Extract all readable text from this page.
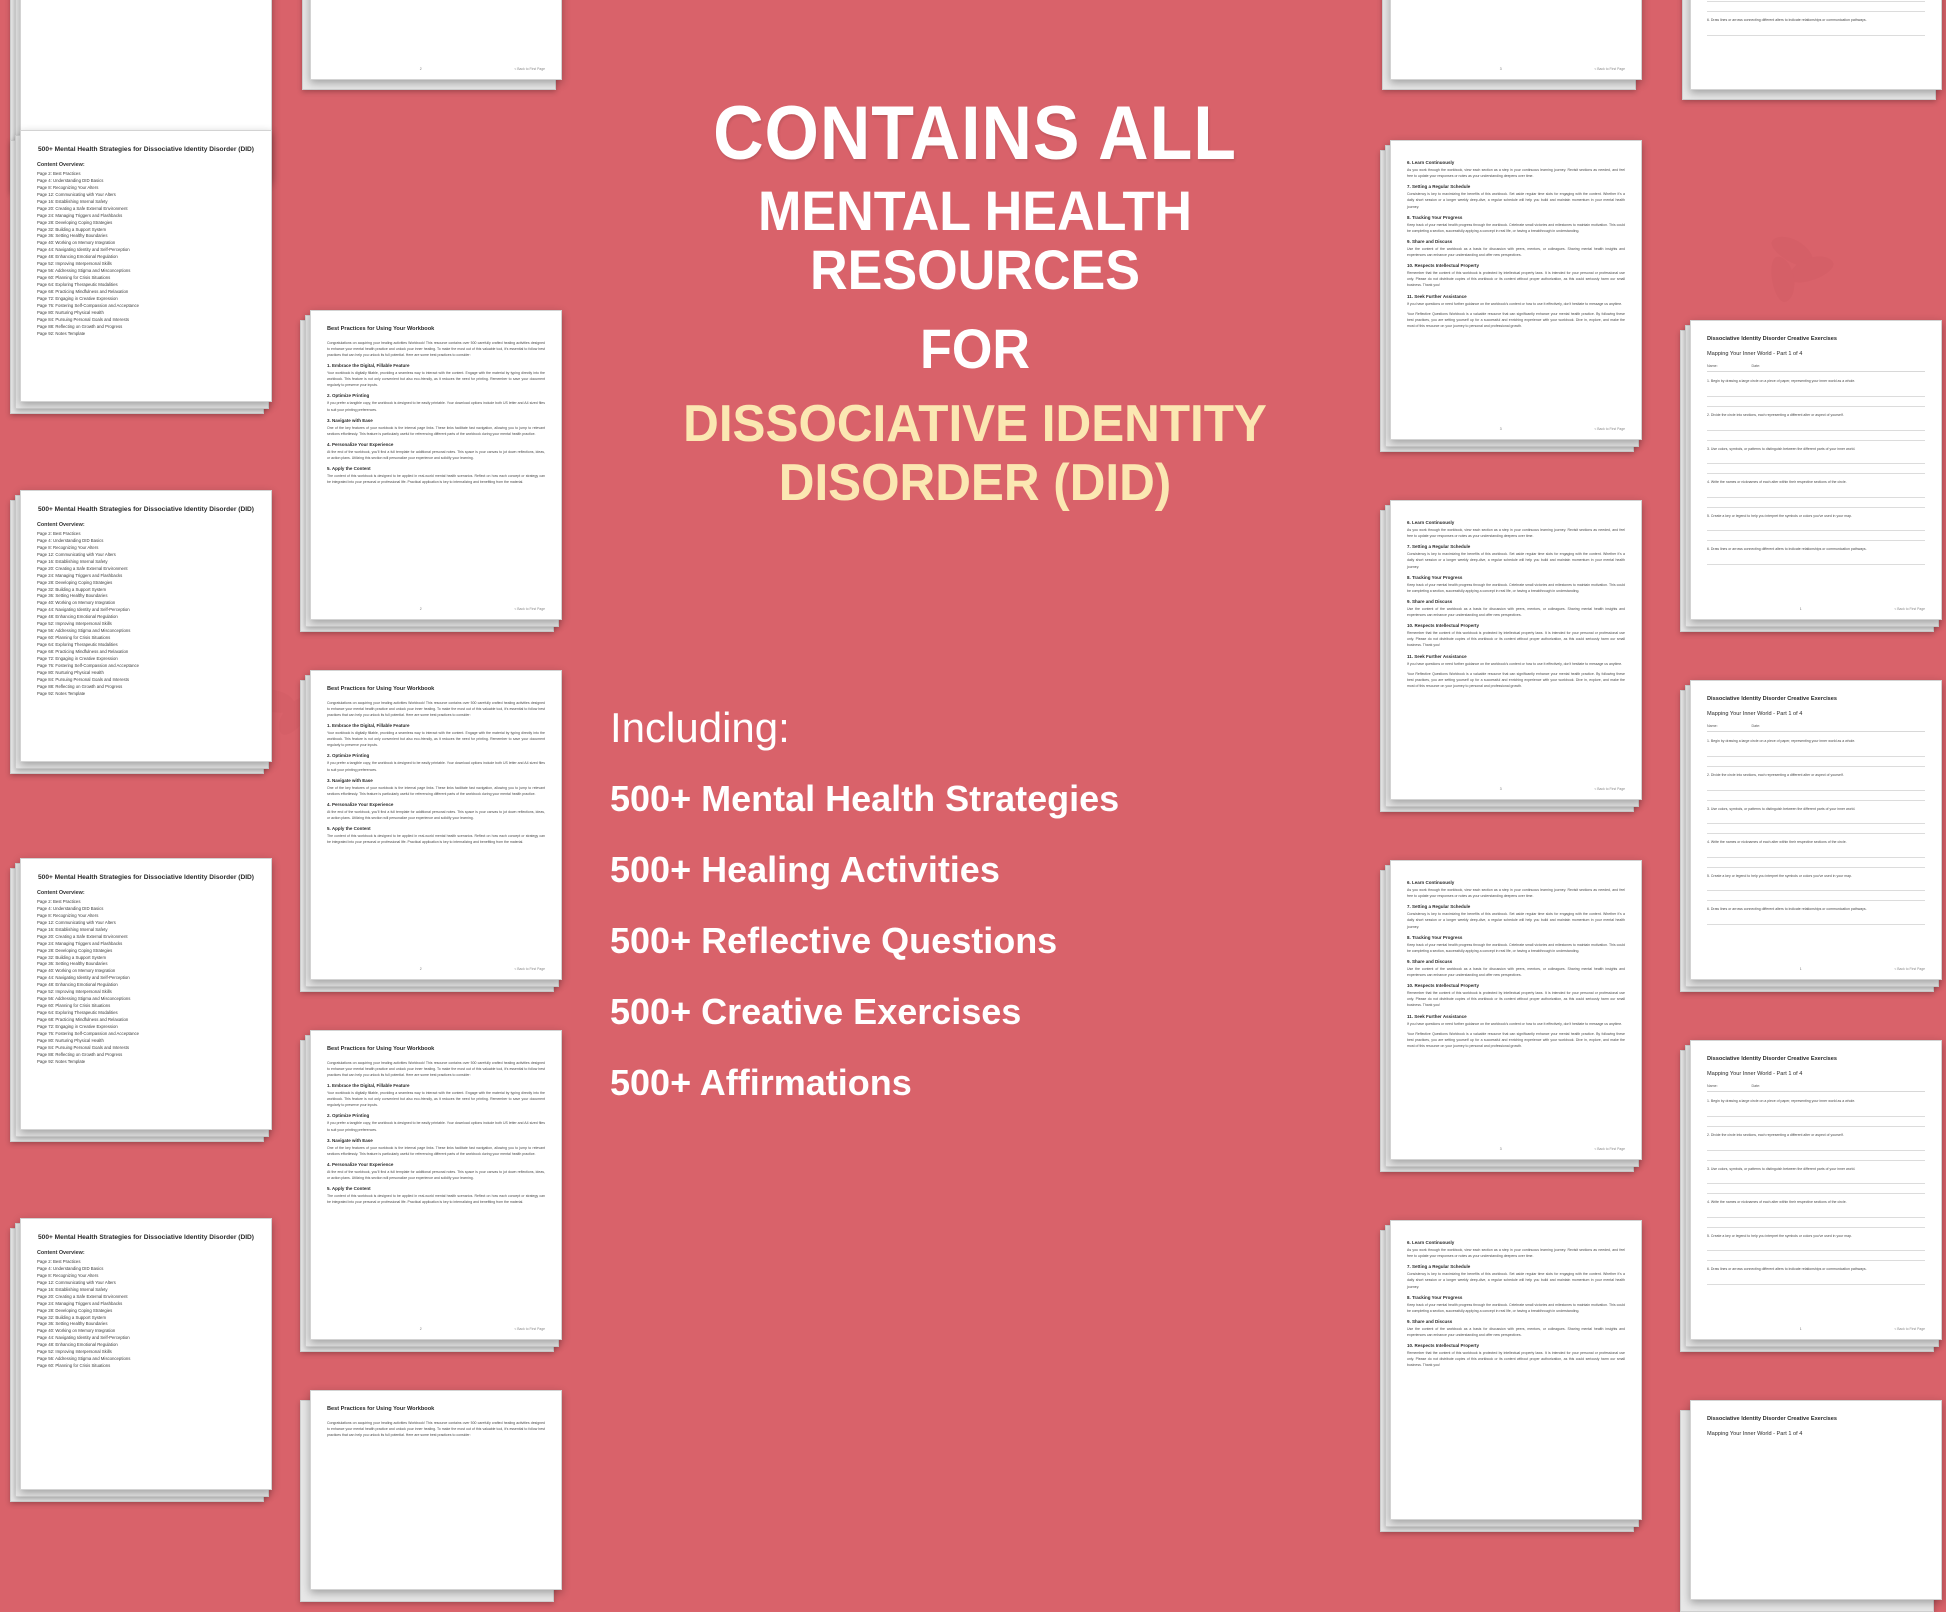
500+ Mental Health Strategies for Dissociative Identity Disorder (DID)
Content Overview:
Page 2: Best Practices
Page 4: Understanding DID Basics
Page 8: Recognizing Your Alters
Page 12: Communicating with Your Alters
Page 16: Establishing Internal Safety
Page 20: Creating a Safe External Environment
Page 24: Managing Triggers and Flashbacks
Page 28: Developing Coping Strategies
Page 32: Building a Support System
Page 36: Setting Healthy Boundaries
Page 40: Working on Memory Integration
Page 44: Navigating Identity and Self-Perception
Page 48: Enhancing Emotional Regulation
Page 52: Improving Interpersonal Skills
Page 56: Addressing Stigma and Misconceptions
Page 60: Planning for Crisis Situations
Page 64: Exploring Therapeutic Modalities
Page 68: Practicing Mindfulness and Relaxation
Page 72: Engaging in Creative Expression
Page 76: Fostering Self-Compassion and Acceptance
Page 80: Nurturing Physical Health
Page 84: Pursuing Personal Goals and Interests
Page 88: Reflecting on Growth and Progress
Page 92: Notes Template
500+ Mental Health Strategies for Dissociative Identity Disorder (DID)
Content Overview:
Page 2: Best Practices
Page 4: Understanding DID Basics
Page 8: Recognizing Your Alters
Page 12: Communicating with Your Alters
Page 16: Establishing Internal Safety
Page 20: Creating a Safe External Environment
Page 24: Managing Triggers and Flashbacks
Page 28: Developing Coping Strategies
Page 32: Building a Support System
Page 36: Setting Healthy Boundaries
Page 40: Working on Memory Integration
Page 44: Navigating Identity and Self-Perception
Page 48: Enhancing Emotional Regulation
Page 52: Improving Interpersonal Skills
Page 56: Addressing Stigma and Misconceptions
Page 60: Planning for Crisis Situations
Page 64: Exploring Therapeutic Modalities
Page 68: Practicing Mindfulness and Relaxation
Page 72: Engaging in Creative Expression
Page 76: Fostering Self-Compassion and Acceptance
Page 80: Nurturing Physical Health
Page 84: Pursuing Personal Goals and Interests
Page 88: Reflecting on Growth and Progress
Page 92: Notes Template
500+ Mental Health Strategies for Dissociative Identity Disorder (DID)
Content Overview:
Page 2: Best Practices
Page 4: Understanding DID Basics
Page 8: Recognizing Your Alters
Page 12: Communicating with Your Alters
Page 16: Establishing Internal Safety
Page 20: Creating a Safe External Environment
Page 24: Managing Triggers and Flashbacks
Page 28: Developing Coping Strategies
Page 32: Building a Support System
Page 36: Setting Healthy Boundaries
Page 40: Working on Memory Integration
Page 44: Navigating Identity and Self-Perception
Page 48: Enhancing Emotional Regulation
Page 52: Improving Interpersonal Skills
Page 56: Addressing Stigma and Misconceptions
Page 60: Planning for Crisis Situations
Page 64: Exploring Therapeutic Modalities
Page 68: Practicing Mindfulness and Relaxation
Page 72: Engaging in Creative Expression
Page 76: Fostering Self-Compassion and Acceptance
Page 80: Nurturing Physical Health
Page 84: Pursuing Personal Goals and Interests
Page 88: Reflecting on Growth and Progress
Page 92: Notes Template
500+ Mental Health Strategies for Dissociative Identity Disorder (DID)
Content Overview:
Page 2: Best Practices
Page 4: Understanding DID Basics
Page 8: Recognizing Your Alters
Page 12: Communicating with Your Alters
Page 16: Establishing Internal Safety
Page 20: Creating a Safe External Environment
Page 24: Managing Triggers and Flashbacks
Page 28: Developing Coping Strategies
Page 32: Building a Support System
Page 36: Setting Healthy Boundaries
Page 40: Working on Memory Integration
Page 44: Navigating Identity and Self-Perception
Page 48: Enhancing Emotional Regulation
Page 52: Improving Interpersonal Skills
Page 56: Addressing Stigma and Misconceptions
Page 60: Planning for Crisis Situations
2	< Back to First Page
Best Practices for Using Your Workbook
Congratulations on acquiring your healing activities Workbook! This resource contains over 500 carefully crafted healing activities designed to enhance your mental health practice and unlock your inner healing. To make the most out of this valuable tool, it's essential to follow best practices that can help you unlock its full potential. Here are some best practices to consider:
1. Embrace the Digital, Fillable Feature
Your workbook is digitally fillable, providing a seamless way to interact with the content. Engage with the material by typing directly into the workbook. This feature is not only convenient but also eco-friendly, as it reduces the need for printing. Remember to save your document regularly to preserve your inputs.
2. Optimize Printing
If you prefer a tangible copy, the workbook is designed to be easily printable. Your download options include both US letter and A4 sized files to suit your printing preferences.
3. Navigate with Ease
One of the key features of your workbook is the internal page links. These links facilitate fast navigation, allowing you to jump to relevant sections effortlessly. This feature is particularly useful for referencing different parts of the workbook during your mental health practice.
4. Personalize Your Experience
At the end of the workbook, you'll find a full template for additional personal notes. This space is your canvas to jot down reflections, ideas, or action plans. Utilizing this section will personalize your experience and solidify your learning.
5. Apply the Content
The content of this workbook is designed to be applied in real-world mental health scenarios. Reflect on how each concept or strategy can be integrated into your personal or professional life. Practical application is key to internalizing and benefiting from the material.
2	< Back to First Page
Best Practices for Using Your Workbook
Congratulations on acquiring your healing activities Workbook! This resource contains over 500 carefully crafted healing activities designed to enhance your mental health practice and unlock your inner healing. To make the most out of this valuable tool, it's essential to follow best practices that can help you unlock its full potential. Here are some best practices to consider:
1. Embrace the Digital, Fillable Feature
Your workbook is digitally fillable, providing a seamless way to interact with the content. Engage with the material by typing directly into the workbook. This feature is not only convenient but also eco-friendly, as it reduces the need for printing. Remember to save your document regularly to preserve your inputs.
2. Optimize Printing
If you prefer a tangible copy, the workbook is designed to be easily printable. Your download options include both US letter and A4 sized files to suit your printing preferences.
3. Navigate with Ease
One of the key features of your workbook is the internal page links. These links facilitate fast navigation, allowing you to jump to relevant sections effortlessly. This feature is particularly useful for referencing different parts of the workbook during your mental health practice.
4. Personalize Your Experience
At the end of the workbook, you'll find a full template for additional personal notes. This space is your canvas to jot down reflections, ideas, or action plans. Utilizing this section will personalize your experience and solidify your learning.
5. Apply the Content
The content of this workbook is designed to be applied in real-world mental health scenarios. Reflect on how each concept or strategy can be integrated into your personal or professional life. Practical application is key to internalizing and benefiting from the material.
2	< Back to First Page
Best Practices for Using Your Workbook
Congratulations on acquiring your healing activities Workbook! This resource contains over 500 carefully crafted healing activities designed to enhance your mental health practice and unlock your inner healing. To make the most out of this valuable tool, it's essential to follow best practices that can help you unlock its full potential. Here are some best practices to consider:
1. Embrace the Digital, Fillable Feature
Your workbook is digitally fillable, providing a seamless way to interact with the content. Engage with the material by typing directly into the workbook. This feature is not only convenient but also eco-friendly, as it reduces the need for printing. Remember to save your document regularly to preserve your inputs.
2. Optimize Printing
If you prefer a tangible copy, the workbook is designed to be easily printable. Your download options include both US letter and A4 sized files to suit your printing preferences.
3. Navigate with Ease
One of the key features of your workbook is the internal page links. These links facilitate fast navigation, allowing you to jump to relevant sections effortlessly. This feature is particularly useful for referencing different parts of the workbook during your mental health practice.
4. Personalize Your Experience
At the end of the workbook, you'll find a full template for additional personal notes. This space is your canvas to jot down reflections, ideas, or action plans. Utilizing this section will personalize your experience and solidify your learning.
5. Apply the Content
The content of this workbook is designed to be applied in real-world mental health scenarios. Reflect on how each concept or strategy can be integrated into your personal or professional life. Practical application is key to internalizing and benefiting from the material.
2	< Back to First Page
Best Practices for Using Your Workbook
Congratulations on acquiring your healing activities Workbook! This resource contains over 500 carefully crafted healing activities designed to enhance your mental health practice and unlock your inner healing. To make the most out of this valuable tool, it's essential to follow best practices that can help you unlock its full potential. Here are some best practices to consider:
3	< Back to First Page
6. Learn Continuously
As you work through the workbook, view each section as a step in your continuous learning journey. Revisit sections as needed, and feel free to update your responses or notes as your understanding deepens over time.
7. Setting a Regular Schedule
Consistency is key to maximizing the benefits of this workbook. Set aside regular time slots for engaging with the content. Whether it's a daily short session or a longer weekly deep-dive, a regular schedule will help you build and maintain momentum in your mental health journey.
8. Tracking Your Progress
Keep track of your mental health progress through the workbook. Celebrate small victories and milestones to maintain motivation. This could be completing a section, successfully applying a concept in real life, or having a breakthrough in understanding.
9. Share and Discuss
Use the content of the workbook as a basis for discussion with peers, mentors, or colleagues. Sharing mental health insights and experiences can enhance your understanding and offer new perspectives.
10. Respects Intellectual Property
Remember that the content of this workbook is protected by intellectual property laws. It is intended for your personal or professional use only. Please do not distribute copies of this workbook or its content without proper authorization, as this could seriously harm our small business. Thank you!
11. Seek Further Assistance
If you have questions or need further guidance on the workbook's content or how to use it effectively, don't hesitate to message us anytime.
Your Reflective Questions Workbook is a valuable resource that can significantly enhance your mental health practice. By following these best practices, you are setting yourself up for a successful and enriching experience with your workbook. Dive in, explore, and make the most of this resource on your journey to personal and professional growth.
3	< Back to First Page
6. Learn Continuously
As you work through the workbook, view each section as a step in your continuous learning journey. Revisit sections as needed, and feel free to update your responses or notes as your understanding deepens over time.
7. Setting a Regular Schedule
Consistency is key to maximizing the benefits of this workbook. Set aside regular time slots for engaging with the content. Whether it's a daily short session or a longer weekly deep-dive, a regular schedule will help you build and maintain momentum in your mental health journey.
8. Tracking Your Progress
Keep track of your mental health progress through the workbook. Celebrate small victories and milestones to maintain motivation. This could be completing a section, successfully applying a concept in real life, or having a breakthrough in understanding.
9. Share and Discuss
Use the content of the workbook as a basis for discussion with peers, mentors, or colleagues. Sharing mental health insights and experiences can enhance your understanding and offer new perspectives.
10. Respects Intellectual Property
Remember that the content of this workbook is protected by intellectual property laws. It is intended for your personal or professional use only. Please do not distribute copies of this workbook or its content without proper authorization, as this could seriously harm our small business. Thank you!
11. Seek Further Assistance
If you have questions or need further guidance on the workbook's content or how to use it effectively, don't hesitate to message us anytime.
Your Reflective Questions Workbook is a valuable resource that can significantly enhance your mental health practice. By following these best practices, you are setting yourself up for a successful and enriching experience with your workbook. Dive in, explore, and make the most of this resource on your journey to personal and professional growth.
3	< Back to First Page
6. Learn Continuously
As you work through the workbook, view each section as a step in your continuous learning journey. Revisit sections as needed, and feel free to update your responses or notes as your understanding deepens over time.
7. Setting a Regular Schedule
Consistency is key to maximizing the benefits of this workbook. Set aside regular time slots for engaging with the content. Whether it's a daily short session or a longer weekly deep-dive, a regular schedule will help you build and maintain momentum in your mental health journey.
8. Tracking Your Progress
Keep track of your mental health progress through the workbook. Celebrate small victories and milestones to maintain motivation. This could be completing a section, successfully applying a concept in real life, or having a breakthrough in understanding.
9. Share and Discuss
Use the content of the workbook as a basis for discussion with peers, mentors, or colleagues. Sharing mental health insights and experiences can enhance your understanding and offer new perspectives.
10. Respects Intellectual Property
Remember that the content of this workbook is protected by intellectual property laws. It is intended for your personal or professional use only. Please do not distribute copies of this workbook or its content without proper authorization, as this could seriously harm our small business. Thank you!
11. Seek Further Assistance
If you have questions or need further guidance on the workbook's content or how to use it effectively, don't hesitate to message us anytime.
Your Reflective Questions Workbook is a valuable resource that can significantly enhance your mental health practice. By following these best practices, you are setting yourself up for a successful and enriching experience with your workbook. Dive in, explore, and make the most of this resource on your journey to personal and professional growth.
3	< Back to First Page
6. Learn Continuously
As you work through the workbook, view each section as a step in your continuous learning journey. Revisit sections as needed, and feel free to update your responses or notes as your understanding deepens over time.
7. Setting a Regular Schedule
Consistency is key to maximizing the benefits of this workbook. Set aside regular time slots for engaging with the content. Whether it's a daily short session or a longer weekly deep-dive, a regular schedule will help you build and maintain momentum in your mental health journey.
8. Tracking Your Progress
Keep track of your mental health progress through the workbook. Celebrate small victories and milestones to maintain motivation. This could be completing a section, successfully applying a concept in real life, or having a breakthrough in understanding.
9. Share and Discuss
Use the content of the workbook as a basis for discussion with peers, mentors, or colleagues. Sharing mental health insights and experiences can enhance your understanding and offer new perspectives.
10. Respects Intellectual Property
Remember that the content of this workbook is protected by intellectual property laws. It is intended for your personal or professional use only. Please do not distribute copies of this workbook or its content without proper authorization, as this could seriously harm our small business. Thank you!

6. Draw lines or arrows connecting different alters to indicate relationships or communication pathways.
Dissociative Identity Disorder Creative Exercises
Mapping Your Inner World - Part 1 of 4
Name:	Date:
1. Begin by drawing a large circle on a piece of paper, representing your inner world as a whole.
2. Divide the circle into sections, each representing a different alter or aspect of yourself.
3. Use colors, symbols, or patterns to distinguish between the different parts of your inner world.
4. Write the names or nicknames of each alter within their respective sections of the circle.
5. Create a key or legend to help you interpret the symbols or colors you've used in your map.
6. Draw lines or arrows connecting different alters to indicate relationships or communication pathways.
1	< Back to First Page
Dissociative Identity Disorder Creative Exercises
Mapping Your Inner World - Part 1 of 4
Name:	Date:
1. Begin by drawing a large circle on a piece of paper, representing your inner world as a whole.
2. Divide the circle into sections, each representing a different alter or aspect of yourself.
3. Use colors, symbols, or patterns to distinguish between the different parts of your inner world.
4. Write the names or nicknames of each alter within their respective sections of the circle.
5. Create a key or legend to help you interpret the symbols or colors you've used in your map.
6. Draw lines or arrows connecting different alters to indicate relationships or communication pathways.
1	< Back to First Page
Dissociative Identity Disorder Creative Exercises
Mapping Your Inner World - Part 1 of 4
Name:	Date:
1. Begin by drawing a large circle on a piece of paper, representing your inner world as a whole.
2. Divide the circle into sections, each representing a different alter or aspect of yourself.
3. Use colors, symbols, or patterns to distinguish between the different parts of your inner world.
4. Write the names or nicknames of each alter within their respective sections of the circle.
5. Create a key or legend to help you interpret the symbols or colors you've used in your map.
6. Draw lines or arrows connecting different alters to indicate relationships or communication pathways.
1	< Back to First Page
Dissociative Identity Disorder Creative Exercises
Mapping Your Inner World - Part 1 of 4
CONTAINS ALL
MENTAL HEALTH RESOURCES
FOR
DISSOCIATIVE IDENTITY
DISORDER (DID)
Including:
500+ Mental Health Strategies
500+ Healing Activities
500+ Reflective Questions
500+ Creative Exercises
500+ Affirmations
